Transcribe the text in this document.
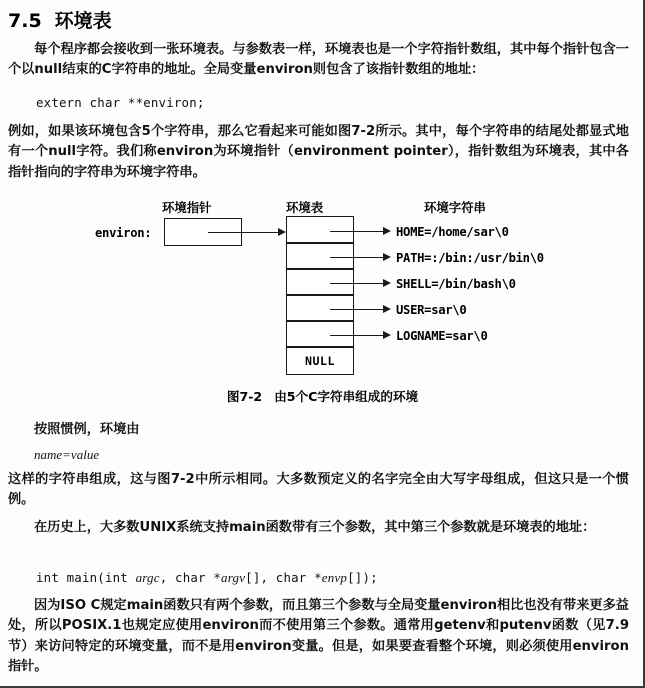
7.5 环境表
每个程序都会接收到一张环境表。与参数表一样，环境表也是一个字符指针数组，其中每个指针包含一个以null结束的C字符串的地址。全局变量environ则包含了该指针数组的地址：
extern char **environ;
例如，如果该环境包含5个字符串，那么它看起来可能如图7-2所示。其中，每个字符串的结尾处都显式地有一个null字符。我们称environ为环境指针（environment pointer），指针数组为环境表，其中各指针指向的字符串为环境字符串。
环境指针	环境表	环境字符串
environ:
NULL
HOME=/home/sar\0
PATH=:/bin:/usr/bin\0
SHELL=/bin/bash\0
USER=sar\0
LOGNAME=sar\0
图7-2 由5个C字符串组成的环境
按照惯例，环境由
name=value
这样的字符串组成，这与图7-2中所示相同。大多数预定义的名字完全由大写字母组成，但这只是一个惯例。
在历史上，大多数UNIX系统支持main函数带有三个参数，其中第三个参数就是环境表的地址：
int main(int argc, char *argv[], char *envp[]);
因为ISO C规定main函数只有两个参数，而且第三个参数与全局变量environ相比也没有带来更多益处，所以POSIX.1也规定应使用environ而不使用第三个参数。通常用getenv和putenv函数（见7.9节）来访问特定的环境变量，而不是用environ变量。但是，如果要查看整个环境，则必须使用environ指针。
